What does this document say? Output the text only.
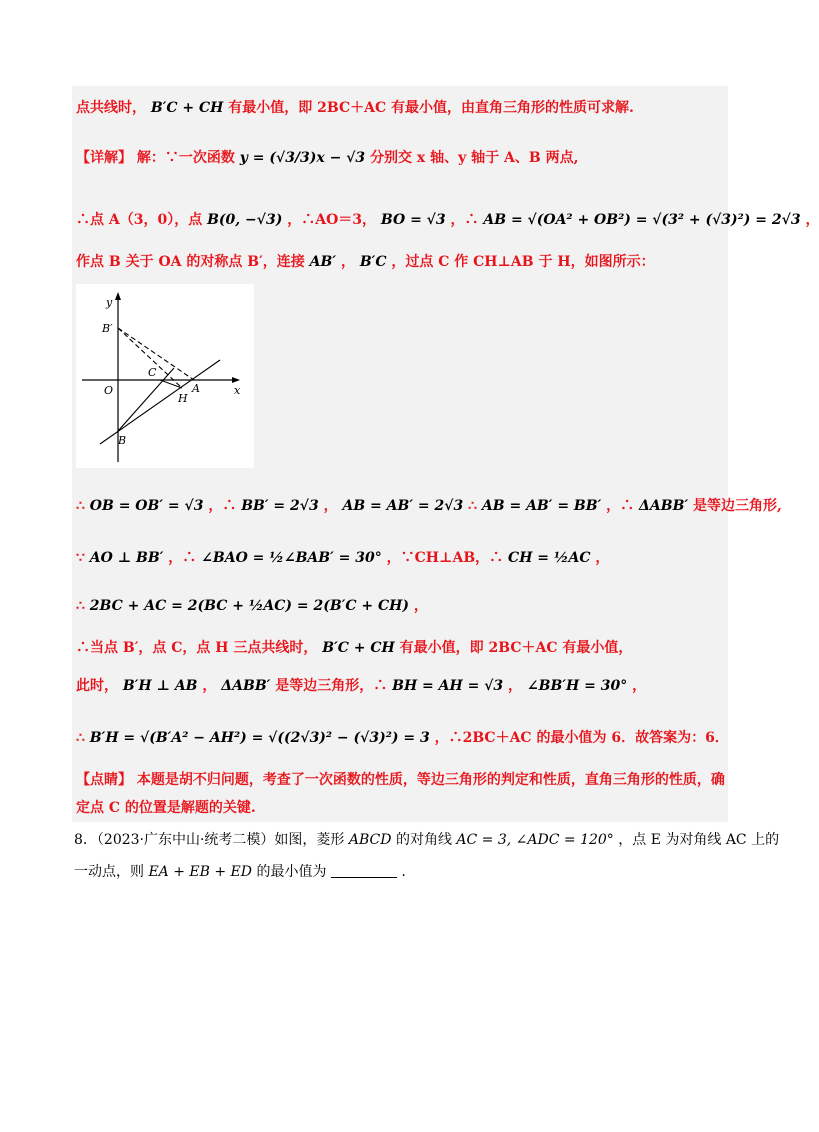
点共线时， B′C + CH 有最小值，即 2BC＋AC 有最小值，由直角三角形的性质可求解.
【详解】 解：∵一次函数 y = (√3/3)x − √3 分别交 x 轴、y 轴于 A、B 两点,
∴点 A（3，0），点 B(0, −√3) ，∴AO＝3， BO = √3 ，∴ AB = √(OA² + OB²) = √(3² + (√3)²) = 2√3 ，
作点 B 关于 OA 的对称点 B′，连接 AB′ ， B′C ，过点 C 作 CH⊥AB 于 H，如图所示：
y
x
B′
O
C
A
H
B
∴ OB = OB′ = √3 ，∴ BB′ = 2√3 ， AB = AB′ = 2√3 ∴ AB = AB′ = BB′ ，∴ ΔABB′ 是等边三角形,
∵ AO ⊥ BB′ ，∴ ∠BAO = ½∠BAB′ = 30° ，∵CH⊥AB，∴ CH = ½AC ，
∴ 2BC + AC = 2(BC + ½AC) = 2(B′C + CH) ，
∴当点 B′，点 C，点 H 三点共线时， B′C + CH 有最小值，即 2BC＋AC 有最小值，
此时， B′H ⊥ AB ， ΔABB′ 是等边三角形，∴ BH = AH = √3 ， ∠BB′H = 30° ，
∴ B′H = √(B′A² − AH²) = √((2√3)² − (√3)²) = 3 ，∴2BC＋AC 的最小值为 6．故答案为：6．
【点睛】 本题是胡不归问题，考查了一次函数的性质，等边三角形的判定和性质，直角三角形的性质，确
定点 C 的位置是解题的关键.
8．（2023·广东中山·统考二模）如图，菱形 ABCD 的对角线 AC = 3, ∠ADC = 120° ，点 E 为对角线 AC 上的
一动点，则 EA + EB + ED 的最小值为	.
